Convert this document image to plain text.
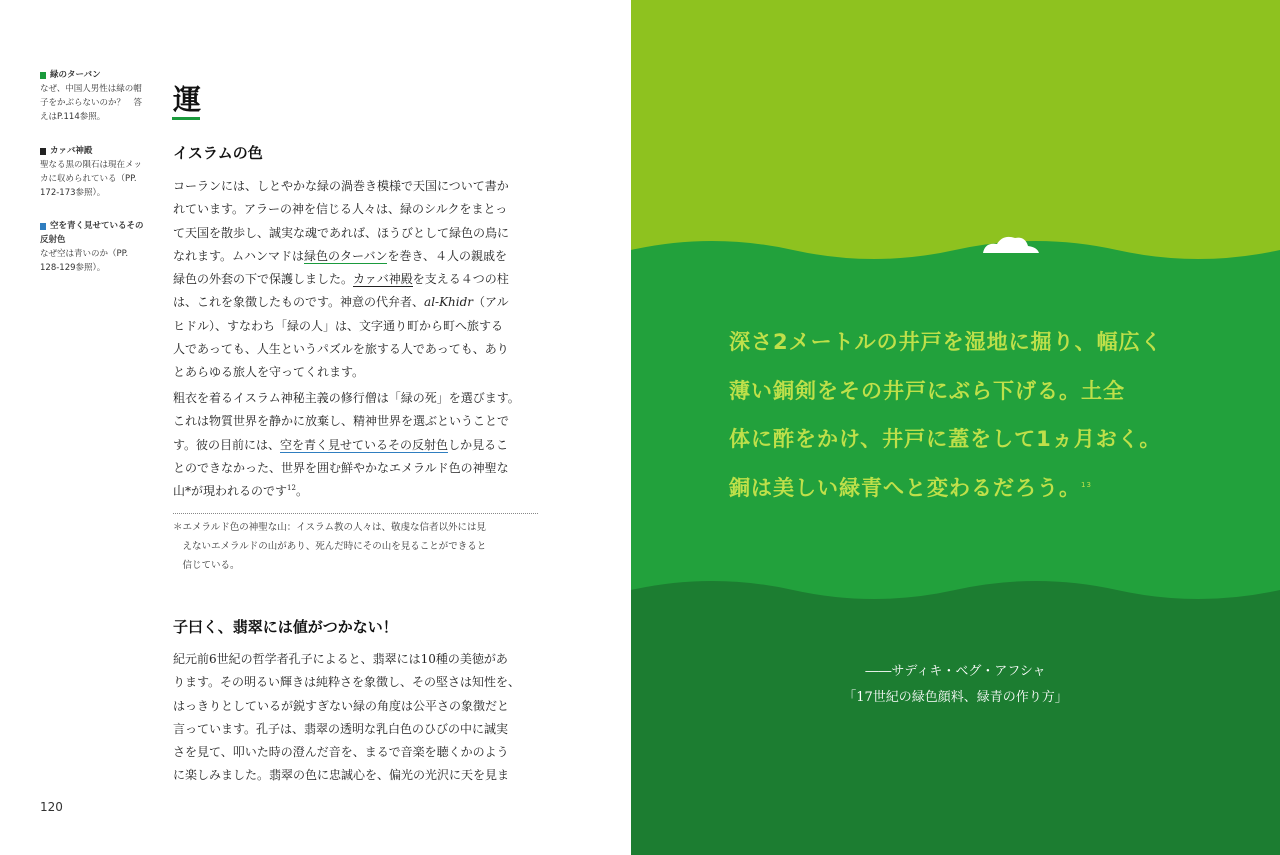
緑のターバン
なぜ、中国人男性は緑の帽
子をかぶらないのか？　答
えはP.114参照。
カァバ神殿
聖なる黒の隕石は現在メッ
カに収められている（PP.
172-173参照）。
空を青く見せているその
反射色
なぜ空は青いのか（PP.
128-129参照）。
運
イスラムの色
コーランには、しとやかな緑の渦巻き模様で天国について書か
れています。アラーの神を信じる人々は、緑のシルクをまとっ
て天国を散歩し、誠実な魂であれば、ほうびとして緑色の鳥に
なれます。ムハンマドは緑色のターバンを巻き、４人の親戚を
緑色の外套の下で保護しました。カァバ神殿を支える４つの柱
は、これを象徴したものです。神意の代弁者、al-Khidr（アル
ヒドル）、すなわち「緑の人」は、文字通り町から町へ旅する
人であっても、人生というパズルを旅する人であっても、あり
とあらゆる旅人を守ってくれます。
粗衣を着るイスラム神秘主義の修行僧は「緑の死」を選びます。
これは物質世界を静かに放棄し、精神世界を選ぶということで
す。彼の目前には、空を青く見せているその反射色しか見るこ
とのできなかった、世界を囲む鮮やかなエメラルド色の神聖な
山*が現われるのです$^{12}$。
＊エメラルド色の神聖な山：イスラム教の人々は、敬虔な信者以外には見
　えないエメラルドの山があり、死んだ時にその山を見ることができると
　信じている。
子曰く、翡翠には値がつかない！
紀元前6世紀の哲学者孔子によると、翡翠には10種の美徳があ
ります。その明るい輝きは純粋さを象徴し、その堅さは知性を、
はっきりとしているが鋭すぎない緑の角度は公平さの象徴だと
言っています。孔子は、翡翠の透明な乳白色のひびの中に誠実
さを見て、叩いた時の澄んだ音を、まるで音楽を聴くかのよう
に楽しみました。翡翠の色に忠誠心を、偏光の光沢に天を見ま
120
深さ2メートルの井戸を湿地に掘り、幅広く
薄い銅剣をその井戸にぶら下げる。土全
体に酢をかけ、井戸に蓋をして1ヵ月おく。
銅は美しい緑青へと変わるだろう。$^{13}$
――サディキ・ベグ・アフシャ
「17世紀の緑色顔料、緑青の作り方」
